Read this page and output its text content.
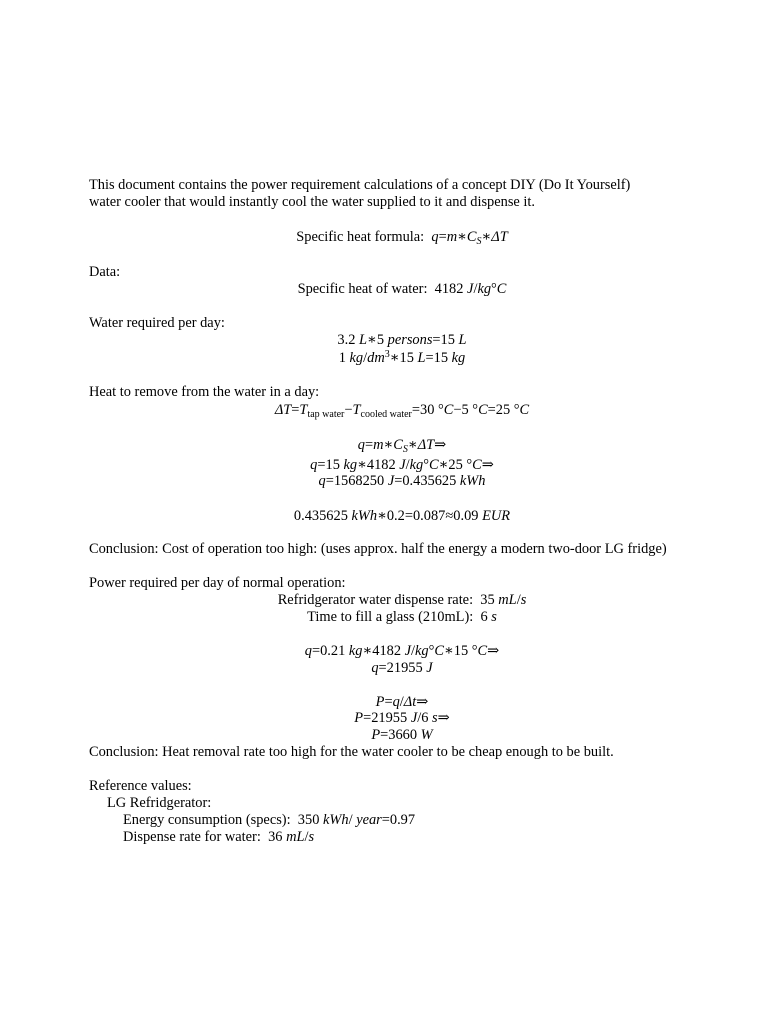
This document contains the power requirement calculations of a concept DIY (Do It Yourself)
water cooler that would instantly cool the water supplied to it and dispense it.
Specific heat formula: $q=m∗C_S∗\Delta T$
Data:
Specific heat of water: 4182 J/kg°C
Water required per day:
3.2 L∗5 persons=15 L
1 $kg/dm^3∗15$ L=15 kg
Heat to remove from the water in a day:
$\Delta T=T_{tap water}-T_{cooled water}=30$ °C−5 °C=25 °C
$q=m∗C_S∗\Delta T\Rightarrow$
q=15 kg∗4182 J/kg°C∗25 °C⇒
q=1568250 J=0.435625 kWh
0.435625 kWh∗0.2=0.087≈0.09 EUR
Conclusion: Cost of operation too high: (uses approx. half the energy a modern two-door LG fridge)
Power required per day of normal operation:
Refridgerator water dispense rate: 35 mL/s
Time to fill a glass (210mL): 6 s
q=0.21 kg∗4182 J/kg°C∗15 °C⇒
q=21955 J
P=q/Δt⇒
P=21955 J/6 s⇒
P=3660 W
Conclusion: Heat removal rate too high for the water cooler to be cheap enough to be built.
Reference values:
LG Refridgerator:
Energy consumption (specs): 350 kWh/ year=0.97
Dispense rate for water: 36 mL/s
